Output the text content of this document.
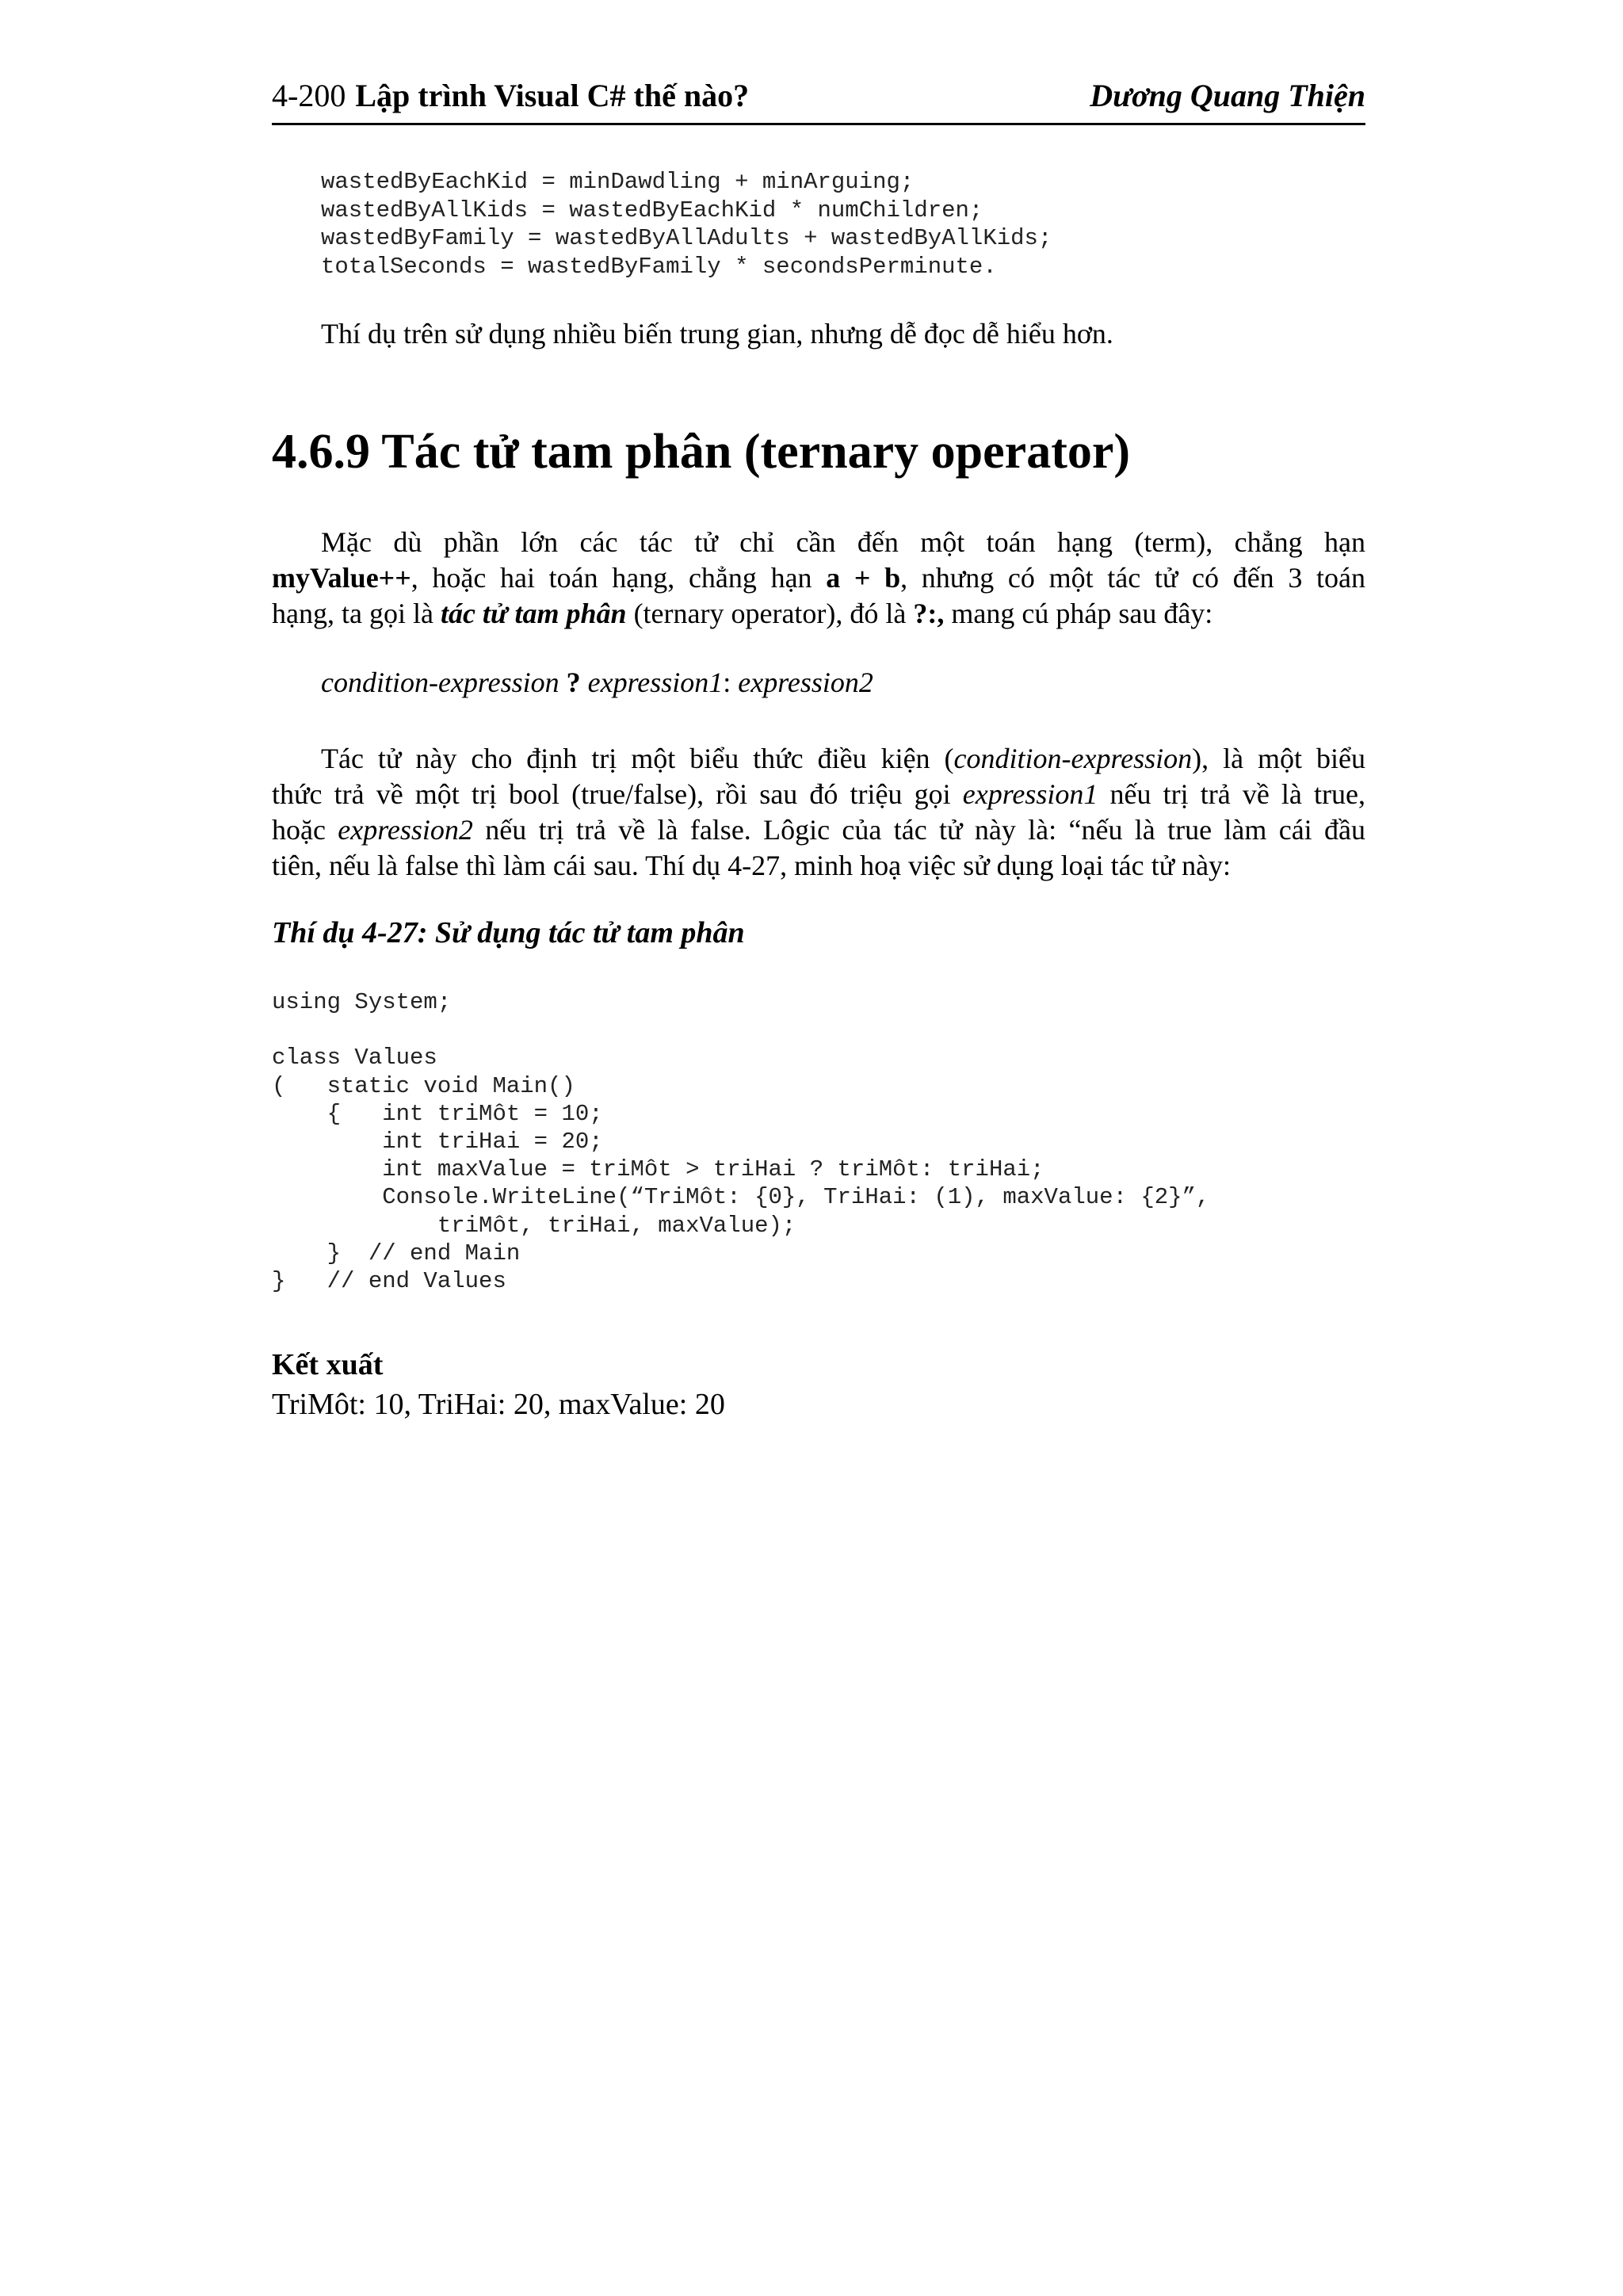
4-200 Lập trình Visual C# thế nào?	Dương Quang Thiện
wastedByEachKid = minDawdling + minArguing;
wastedByAllKids = wastedByEachKid * numChildren;
wastedByFamily = wastedByAllAdults + wastedByAllKids;
totalSeconds = wastedByFamily * secondsPerminute.
Thí dụ trên sử dụng nhiều biến trung gian, nhưng dễ đọc dễ hiểu hơn.
4.6.9 Tác tử tam phân (ternary operator)
Mặc dù phần lớn các tác tử chỉ cần đến một toán hạng (term), chẳng hạn
myValue++, hoặc hai toán hạng, chẳng hạn a + b, nhưng có một tác tử có đến 3 toán
hạng, ta gọi là tác tử tam phân (ternary operator), đó là ?:, mang cú pháp sau đây:
condition-expression ? expression1: expression2
Tác tử này cho định trị một biểu thức điều kiện (condition-expression), là một biểu
thức trả về một trị bool (true/false), rồi sau đó triệu gọi expression1 nếu trị trả về là true,
hoặc expression2 nếu trị trả về là false. Lôgic của tác tử này là: “nếu là true làm cái đầu
tiên, nếu là false thì làm cái sau. Thí dụ 4-27, minh hoạ việc sử dụng loại tác tử này:
Thí dụ 4-27: Sử dụng tác tử tam phân
using System;

class Values
(   static void Main()
{   int triMôt = 10;
int triHai = 20;
int maxValue = triMôt > triHai ? triMôt: triHai;
Console.WriteLine(“TriMôt: {0}, TriHai: (1), maxValue: {2}”,
triMôt, triHai, maxValue);
}  // end Main
}   // end Values
Kết xuất
TriMôt: 10, TriHai: 20, maxValue: 20
